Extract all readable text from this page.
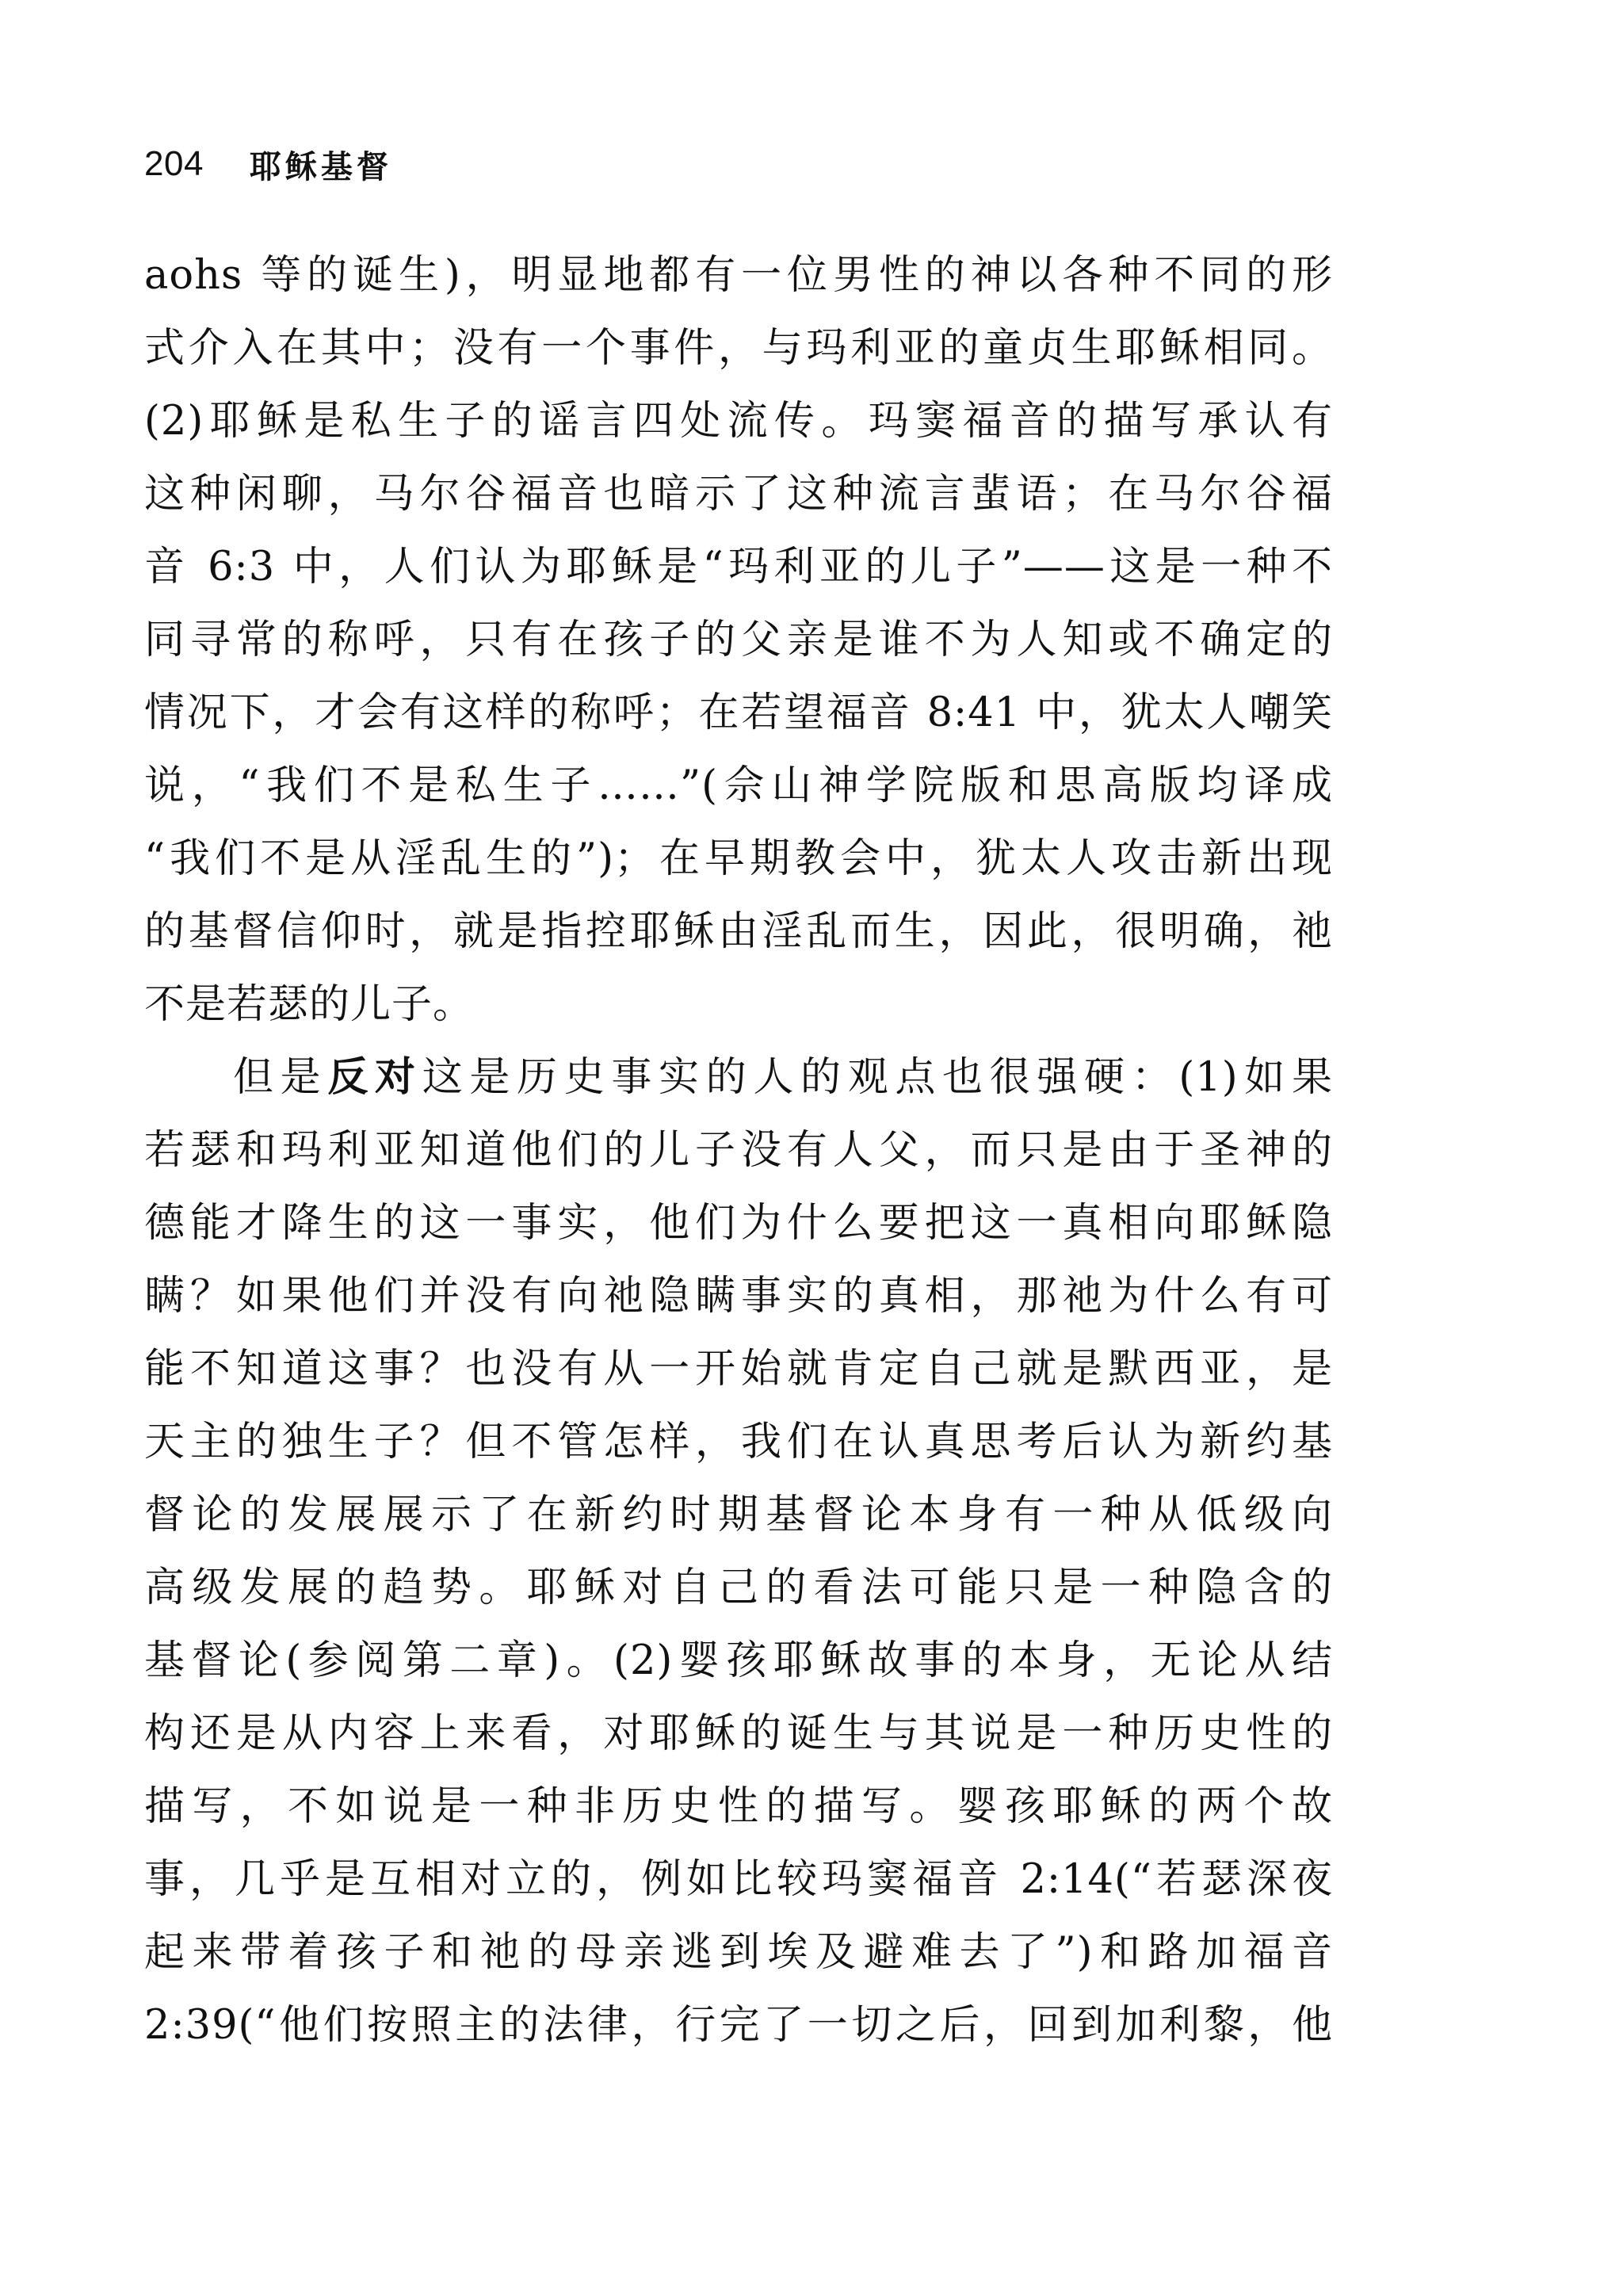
204 耶稣基督
aohs 等的诞生)，明显地都有一位男性的神以各种不同的形
式介入在其中；没有一个事件，与玛利亚的童贞生耶稣相同。
(2)耶稣是私生子的谣言四处流传。玛窦福音的描写承认有
这种闲聊，马尔谷福音也暗示了这种流言蜚语；在马尔谷福
音 6:3 中，人们认为耶稣是“玛利亚的儿子”——这是一种不
同寻常的称呼，只有在孩子的父亲是谁不为人知或不确定的
情况下，才会有这样的称呼；在若望福音 8:41 中，犹太人嘲笑
说，“我们不是私生子……”(佘山神学院版和思高版均译成
“我们不是从淫乱生的”)；在早期教会中，犹太人攻击新出现
的基督信仰时，就是指控耶稣由淫乱而生，因此，很明确，祂
不是若瑟的儿子。
但是反对这是历史事实的人的观点也很强硬：(1)如果
若瑟和玛利亚知道他们的儿子没有人父，而只是由于圣神的
德能才降生的这一事实，他们为什么要把这一真相向耶稣隐
瞒？如果他们并没有向祂隐瞒事实的真相，那祂为什么有可
能不知道这事？也没有从一开始就肯定自己就是默西亚，是
天主的独生子？但不管怎样，我们在认真思考后认为新约基
督论的发展展示了在新约时期基督论本身有一种从低级向
高级发展的趋势。耶稣对自己的看法可能只是一种隐含的
基督论(参阅第二章)。(2)婴孩耶稣故事的本身，无论从结
构还是从内容上来看，对耶稣的诞生与其说是一种历史性的
描写，不如说是一种非历史性的描写。婴孩耶稣的两个故
事，几乎是互相对立的，例如比较玛窦福音 2:14(“若瑟深夜
起来带着孩子和祂的母亲逃到埃及避难去了”)和路加福音
2:39(“他们按照主的法律，行完了一切之后，回到加利黎，他
